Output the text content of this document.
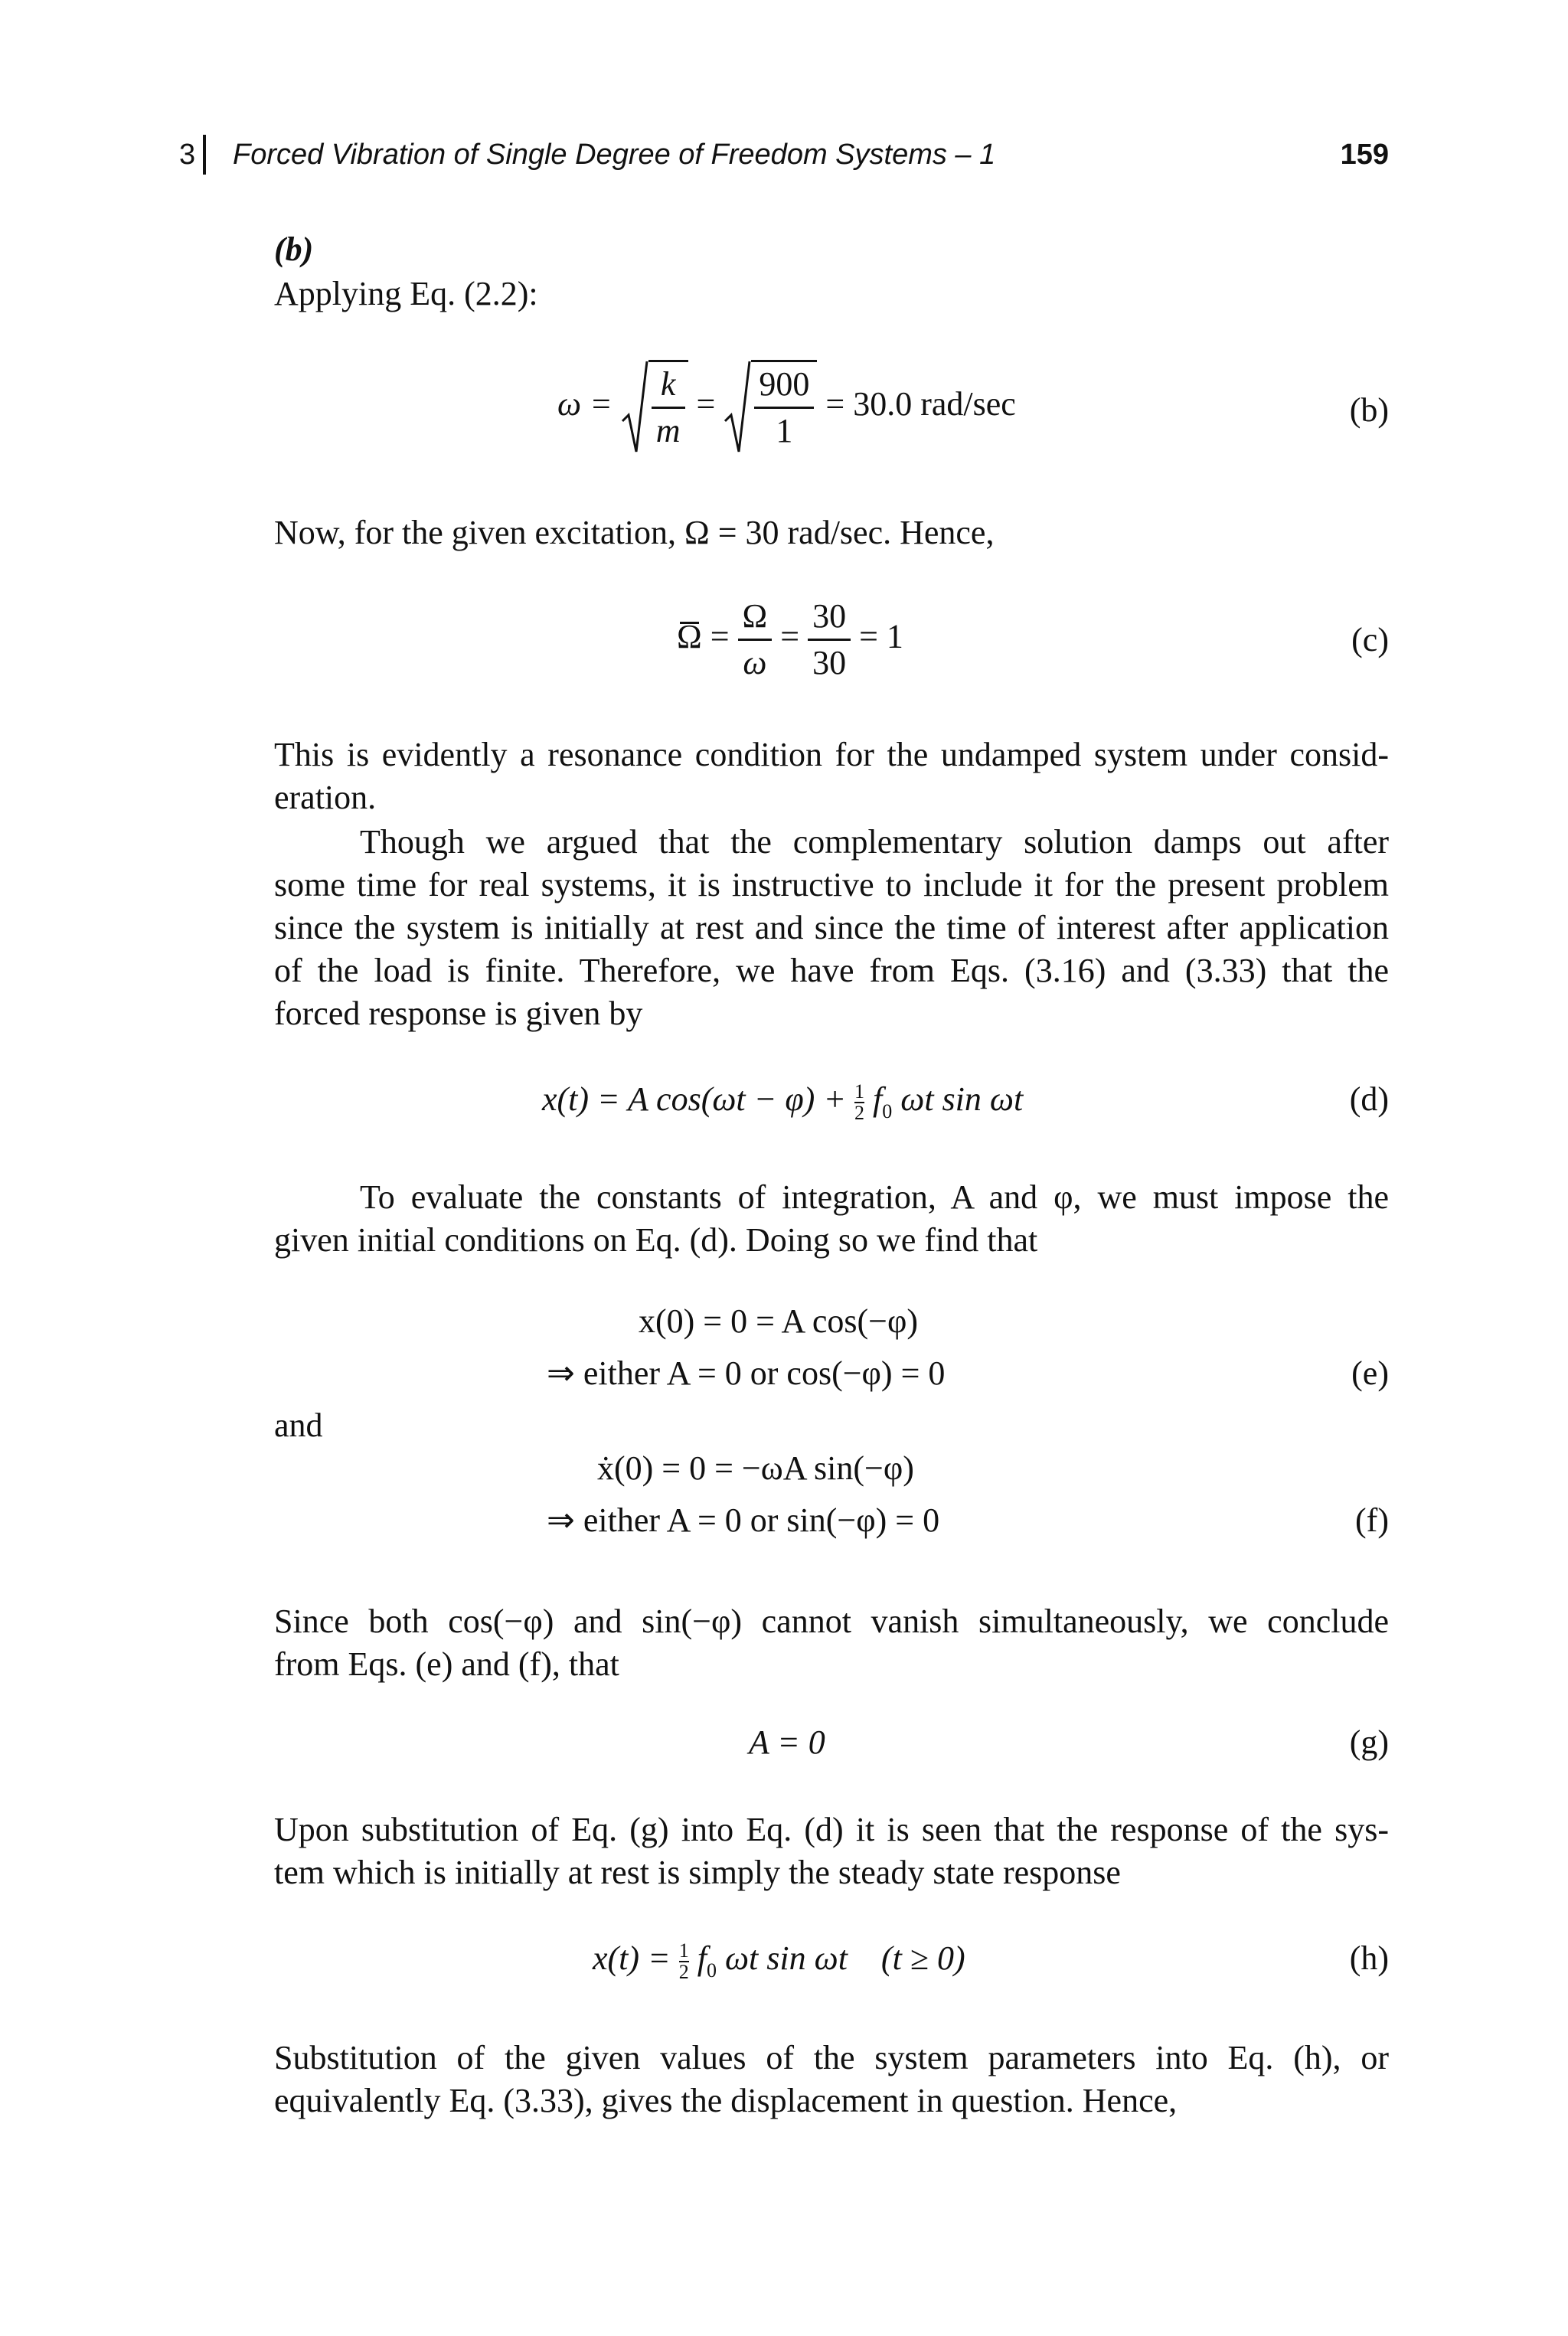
3 Forced Vibration of Single Degree of Freedom Systems – 1	159
(b)
Applying Eq. (2.2):
$\omega = \frac{k}{m} = \frac{900}{1} = 30.0$ rad/sec	(b)
Now, for the given excitation, Ω = 30 rad/sec. Hence,
$\Omega = \frac{\Omega}{\omega} = \frac{30}{30} = 1$	(c)
This is evidently a resonance condition for the undamped system under consid-
eration.
Though we argued that the complementary solution damps out after
some time for real systems, it is instructive to include it for the present problem
since the system is initially at rest and since the time of interest after application
of the load is finite. Therefore, we have from Eqs. (3.16) and (3.33) that the
forced response is given by
x(t) = A $\cos(\omega t - \varphi) + \frac{1}{2} f_0$ ωt sin ωt	(d)
To evaluate the constants of integration, A and φ, we must impose the
given initial conditions on Eq. (d). Doing so we find that
x(0) = 0 = A cos(−φ)
⇒ either A = 0 or cos(−φ) = 0	(e)
and
ẋ(0) = 0 = −ωA sin(−φ)
⇒ either A = 0 or sin(−φ) = 0	(f)
Since both cos(−φ) and sin(−φ) cannot vanish simultaneously, we conclude
from Eqs. (e) and (f), that
A = 0	(g)
Upon substitution of Eq. (g) into Eq. (d) it is seen that the response of the sys-
tem which is initially at rest is simply the steady state response
$x(t) = \frac{1}{2} f_0$ ωt sin ωt    (t ≥ 0)	(h)
Substitution of the given values of the system parameters into Eq. (h), or
equivalently Eq. (3.33), gives the displacement in question. Hence,
